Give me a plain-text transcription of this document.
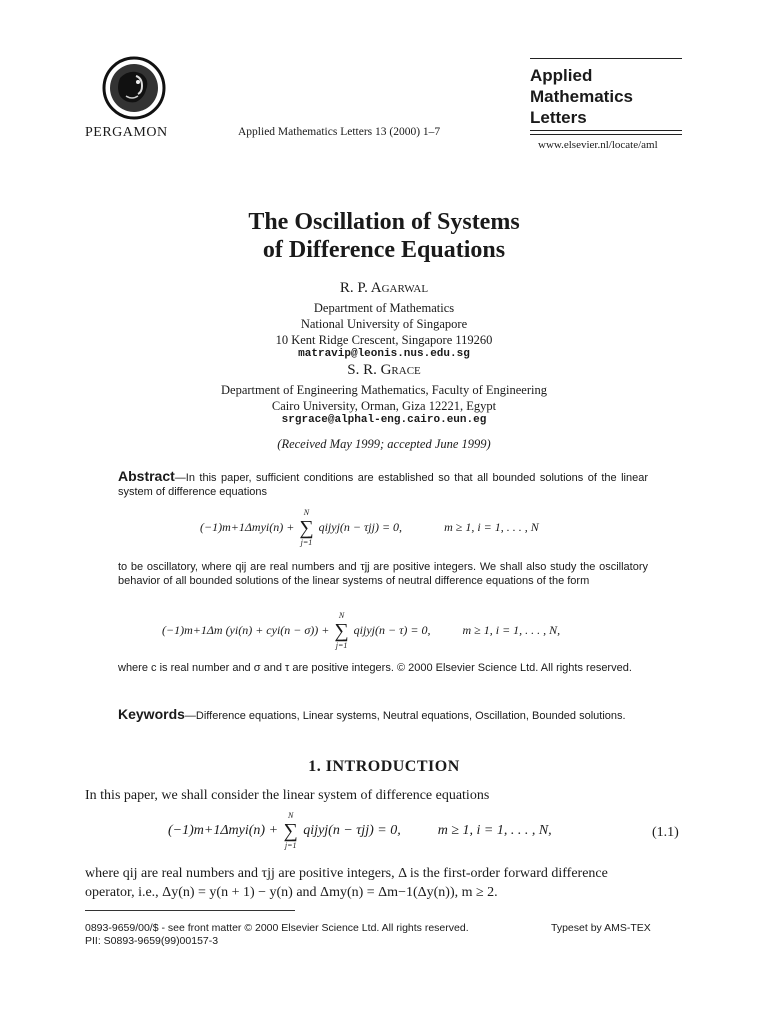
PERGAMON	Applied Mathematics Letters 13 (2000) 1–7
Applied
Mathematics
Letters
www.elsevier.nl/locate/aml
The Oscillation of Systems
of Difference Equations
R. P. Agarwal
Department of Mathematics
National University of Singapore
10 Kent Ridge Crescent, Singapore 119260
matravip@leonis.nus.edu.sg
S. R. Grace
Department of Engineering Mathematics, Faculty of Engineering
Cairo University, Orman, Giza 12221, Egypt
srgrace@alphal-eng.cairo.eun.eg
(Received May 1999; accepted June 1999)
Abstract—In this paper, sufficient conditions are established so that all bounded solutions of the linear system of difference equations
(−1)m+1Δmyi(n) +
N
∑
j=1
qijyj(n − τjj) = 0,	m ≥ 1, i = 1, . . . , N
to be oscillatory, where qij are real numbers and τjj are positive integers. We shall also study the oscillatory behavior of all bounded solutions of the linear systems of neutral difference equations of the form
(−1)m+1Δm (yi(n) + cyi(n − σ)) +
N
∑
j=1
qijyj(n − τ) = 0,	m ≥ 1, i = 1, . . . , N,
where c is real number and σ and τ are positive integers. © 2000 Elsevier Science Ltd. All rights reserved.
Keywords—Difference equations, Linear systems, Neutral equations, Oscillation, Bounded solutions.
1. INTRODUCTION
In this paper, we shall consider the linear system of difference equations
(−1)m+1Δmyi(n) +
N
∑
j=1
qijyj(n − τjj) = 0,	m ≥ 1, i = 1, . . . , N,	(1.1)
where qij are real numbers and τjj are positive integers, Δ is the first-order forward difference
operator, i.e., Δy(n) = y(n + 1) − y(n) and Δmy(n) = Δm−1(Δy(n)), m ≥ 2.
0893-9659/00/$ - see front matter © 2000 Elsevier Science Ltd. All rights reserved.
PII: S0893-9659(99)00157-3
Typeset by AMS-TEX
